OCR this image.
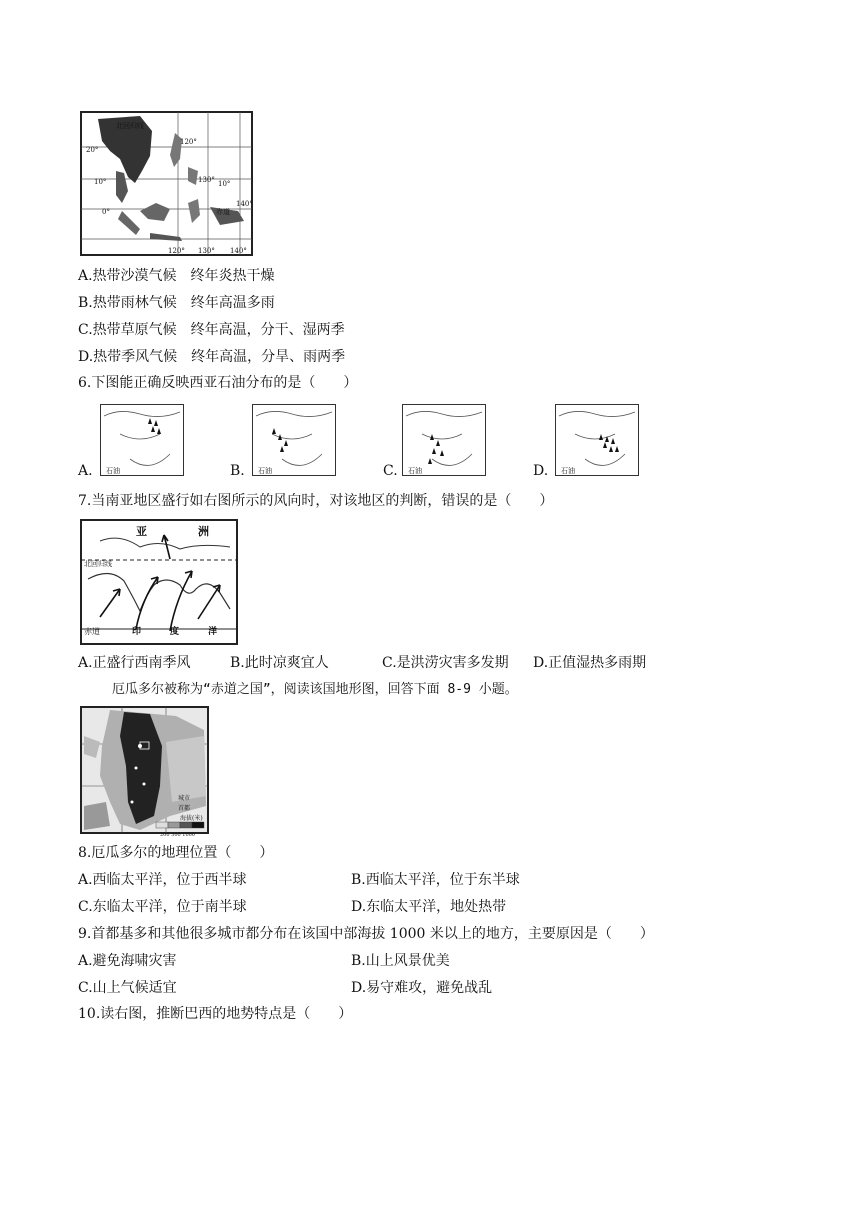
北回归线
120°
130°
140°
20°
10°
0°
10°
赤道
120° 130° 140°
A.热带沙漠气候　终年炎热干燥
B.热带雨林气候　终年高温多雨
C.热带草原气候　终年高温，分干、湿两季
D.热带季风气候　终年高温，分旱、雨两季
6.下图能正确反映西亚石油分布的是（　　）
A. 石油	B. 石油	C. 石油	D. 石油
7.当南亚地区盛行如右图所示的风向时，对该地区的判断，错误的是（　　）
亚	洲
北回归线
赤道	印	度	洋
A.正盛行西南季风	B.此时凉爽宜人	C.是洪涝灾害多发期 D.正值湿热多雨期
厄瓜多尔被称为“赤道之国”，阅读该国地形图，回答下面 8-9 小题。
城市
首都
海拔(米)
200 300 1000
8.厄瓜多尔的地理位置（　　）
A.西临太平洋，位于西半球	B.西临太平洋，位于东半球
C.东临太平洋，位于南半球	D.东临太平洋，地处热带
9.首都基多和其他很多城市都分布在该国中部海拔 1000 米以上的地方，主要原因是（　　）
A.避免海啸灾害	B.山上风景优美
C.山上气候适宜	D.易守难攻，避免战乱
10.读右图，推断巴西的地势特点是（　　）
